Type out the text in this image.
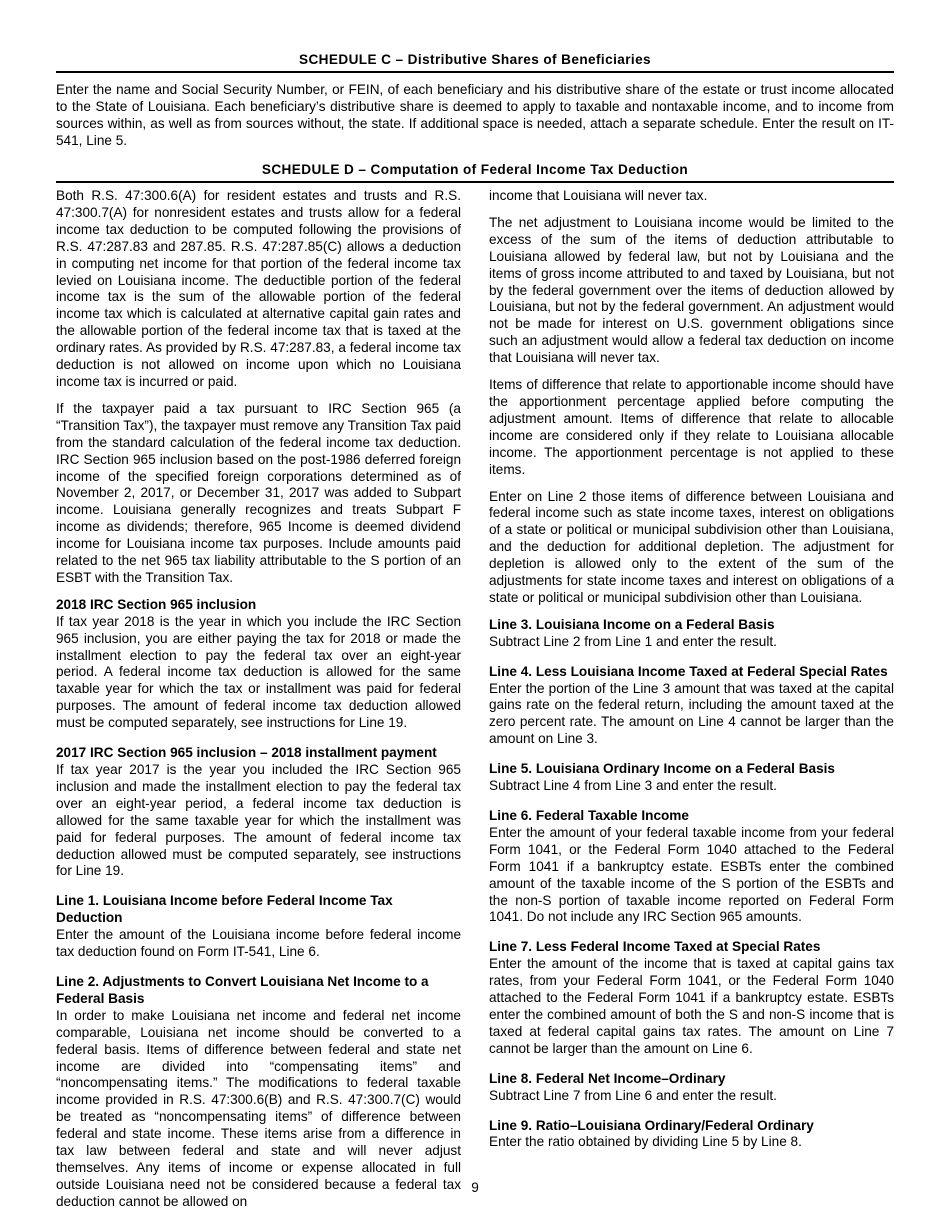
SCHEDULE C – Distributive Shares of Beneficiaries
Enter the name and Social Security Number, or FEIN, of each beneficiary and his distributive share of the estate or trust income allocated to the State of Louisiana. Each beneficiary’s distributive share is deemed to apply to taxable and nontaxable income, and to income from sources within, as well as from sources without, the state. If additional space is needed, attach a separate schedule. Enter the result on IT-541, Line 5.
SCHEDULE D – Computation of Federal Income Tax Deduction

Both R.S. 47:300.6(A) for resident estates and trusts and R.S. 47:300.7(A) for nonresident estates and trusts allow for a federal income tax deduction to be computed following the provisions of R.S. 47:287.83 and 287.85. R.S. 47:287.85(C) allows a deduction in computing net income for that portion of the federal income tax levied on Louisiana income. The deductible portion of the federal income tax is the sum of the allowable portion of the federal income tax which is calculated at alternative capital gain rates and the allowable portion of the federal income tax that is taxed at the ordinary rates. As provided by R.S. 47:287.83, a federal income tax deduction is not allowed on income upon which no Louisiana income tax is incurred or paid.

If the taxpayer paid a tax pursuant to IRC Section 965 (a “Transition Tax”), the taxpayer must remove any Transition Tax paid from the standard calculation of the federal income tax deduction. IRC Section 965 inclusion based on the post-1986 deferred foreign income of the specified foreign corporations determined as of November 2, 2017, or December 31, 2017 was added to Subpart income. Louisiana generally recognizes and treats Subpart F income as dividends; therefore, 965 Income is deemed dividend income for Louisiana income tax purposes. Include amounts paid related to the net 965 tax liability attributable to the S portion of an ESBT with the Transition Tax.

2018 IRC Section 965 inclusion

If tax year 2018 is the year in which you include the IRC Section 965 inclusion, you are either paying the tax for 2018 or made the installment election to pay the federal tax over an eight-year period. A federal income tax deduction is allowed for the same taxable year for which the tax or installment was paid for federal purposes. The amount of federal income tax deduction allowed must be computed separately, see instructions for Line 19.

2017 IRC Section 965 inclusion – 2018 installment payment

If tax year 2017 is the year you included the IRC Section 965 inclusion and made the installment election to pay the federal tax over an eight-year period, a federal income tax deduction is allowed for the same taxable year for which the installment was paid for federal purposes. The amount of federal income tax deduction allowed must be computed separately, see instructions for Line 19.

Line 1. Louisiana Income before Federal Income Tax Deduction

Enter the amount of the Louisiana income before federal income tax deduction found on Form IT-541, Line 6.

Line 2. Adjustments to Convert Louisiana Net Income to a Federal Basis

In order to make Louisiana net income and federal net income comparable, Louisiana net income should be converted to a federal basis. Items of difference between federal and state net income are divided into “compensating items” and “noncompensating items.” The modifications to federal taxable income provided in R.S. 47:300.6(B) and R.S. 47:300.7(C) would be treated as “noncompensating items” of difference between federal and state income. These items arise from a difference in tax law between federal and state and will never adjust themselves. Any items of income or expense allocated in full outside Louisiana need not be considered because a federal tax deduction cannot be allowed on

income that Louisiana will never tax.

The net adjustment to Louisiana income would be limited to the excess of the sum of the items of deduction attributable to Louisiana allowed by federal law, but not by Louisiana and the items of gross income attributed to and taxed by Louisiana, but not by the federal government over the items of deduction allowed by Louisiana, but not by the federal government. An adjustment would not be made for interest on U.S. government obligations since such an adjustment would allow a federal tax deduction on income that Louisiana will never tax.

Items of difference that relate to apportionable income should have the apportionment percentage applied before computing the adjustment amount. Items of difference that relate to allocable income are considered only if they relate to Louisiana allocable income. The apportionment percentage is not applied to these items.

Enter on Line 2 those items of difference between Louisiana and federal income such as state income taxes, interest on obligations of a state or political or municipal subdivision other than Louisiana, and the deduction for additional depletion. The adjustment for depletion is allowed only to the extent of the sum of the adjustments for state income taxes and interest on obligations of a state or political or municipal subdivision other than Louisiana.

Line 3. Louisiana Income on a Federal Basis

Subtract Line 2 from Line 1 and enter the result.

Line 4. Less Louisiana Income Taxed at Federal Special Rates

Enter the portion of the Line 3 amount that was taxed at the capital gains rate on the federal return, including the amount taxed at the zero percent rate. The amount on Line 4 cannot be larger than the amount on Line 3.

Line 5. Louisiana Ordinary Income on a Federal Basis

Subtract Line 4 from Line 3 and enter the result.

Line 6. Federal Taxable Income

Enter the amount of your federal taxable income from your federal Form 1041, or the Federal Form 1040 attached to the Federal Form 1041 if a bankruptcy estate. ESBTs enter the combined amount of the taxable income of the S portion of the ESBTs and the non-S portion of taxable income reported on Federal Form 1041. Do not include any IRC Section 965 amounts.

Line 7. Less Federal Income Taxed at Special Rates

Enter the amount of the income that is taxed at capital gains tax rates, from your Federal Form 1041, or the Federal Form 1040 attached to the Federal Form 1041 if a bankruptcy estate. ESBTs enter the combined amount of both the S and non-S income that is taxed at federal capital gains tax rates. The amount on Line 7 cannot be larger than the amount on Line 6.

Line 8. Federal Net Income–Ordinary

Subtract Line 7 from Line 6 and enter the result.

Line 9. Ratio–Louisiana Ordinary/Federal Ordinary

Enter the ratio obtained by dividing Line 5 by Line 8.

9
